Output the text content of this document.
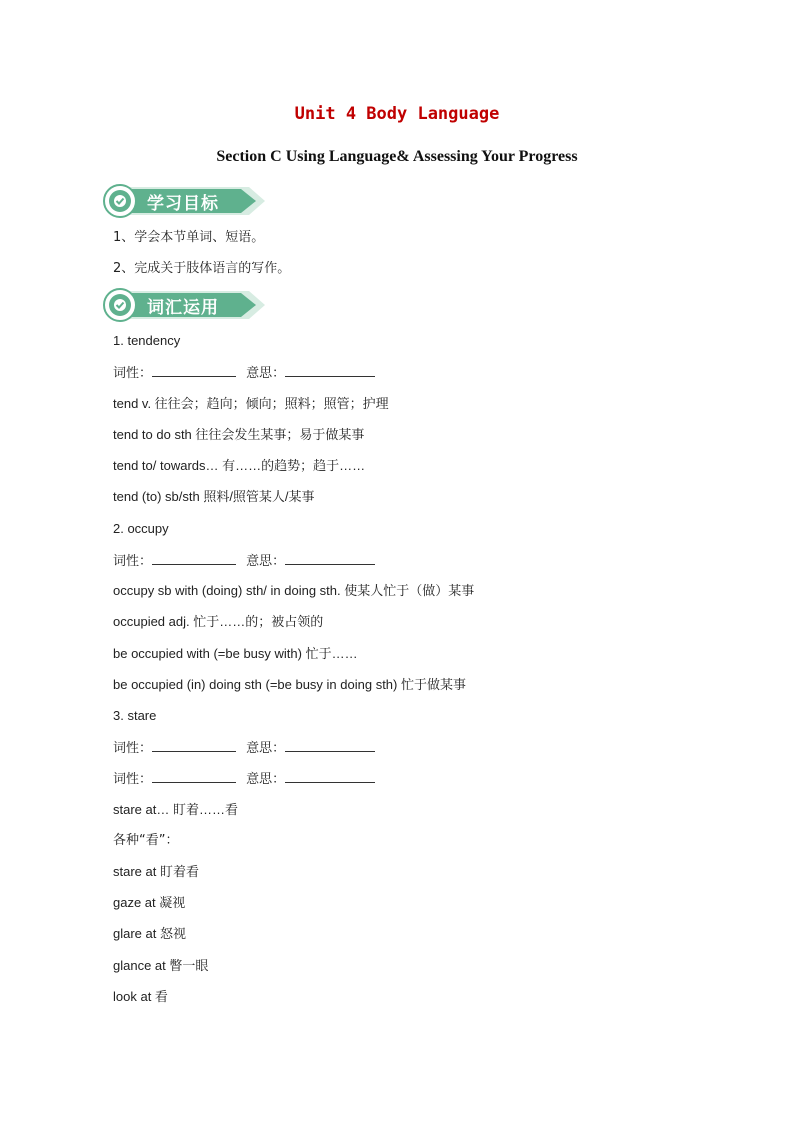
Unit 4 Body Language
Section C Using Language& Assessing Your Progress
学习目标
1、学会本节单词、短语。
2、完成关于肢体语言的写作。
词汇运用
1. tendency
词性：	意思：
tend v. 往往会；趋向；倾向；照料；照管；护理
tend to do sth 往往会发生某事；易于做某事
tend to/ towards… 有……的趋势；趋于……
tend (to) sb/sth 照料/照管某人/某事
2. occupy
词性：	意思：
occupy sb with (doing) sth/ in doing sth. 使某人忙于（做）某事
occupied adj. 忙于……的；被占领的
be occupied with (=be busy with) 忙于……
be occupied (in) doing sth (=be busy in doing sth) 忙于做某事
3. stare
词性：	意思：
词性：	意思：
stare at… 盯着……看
各种“看”：
stare at 盯着看
gaze at 凝视
glare at 怒视
glance at 瞥一眼
look at 看
